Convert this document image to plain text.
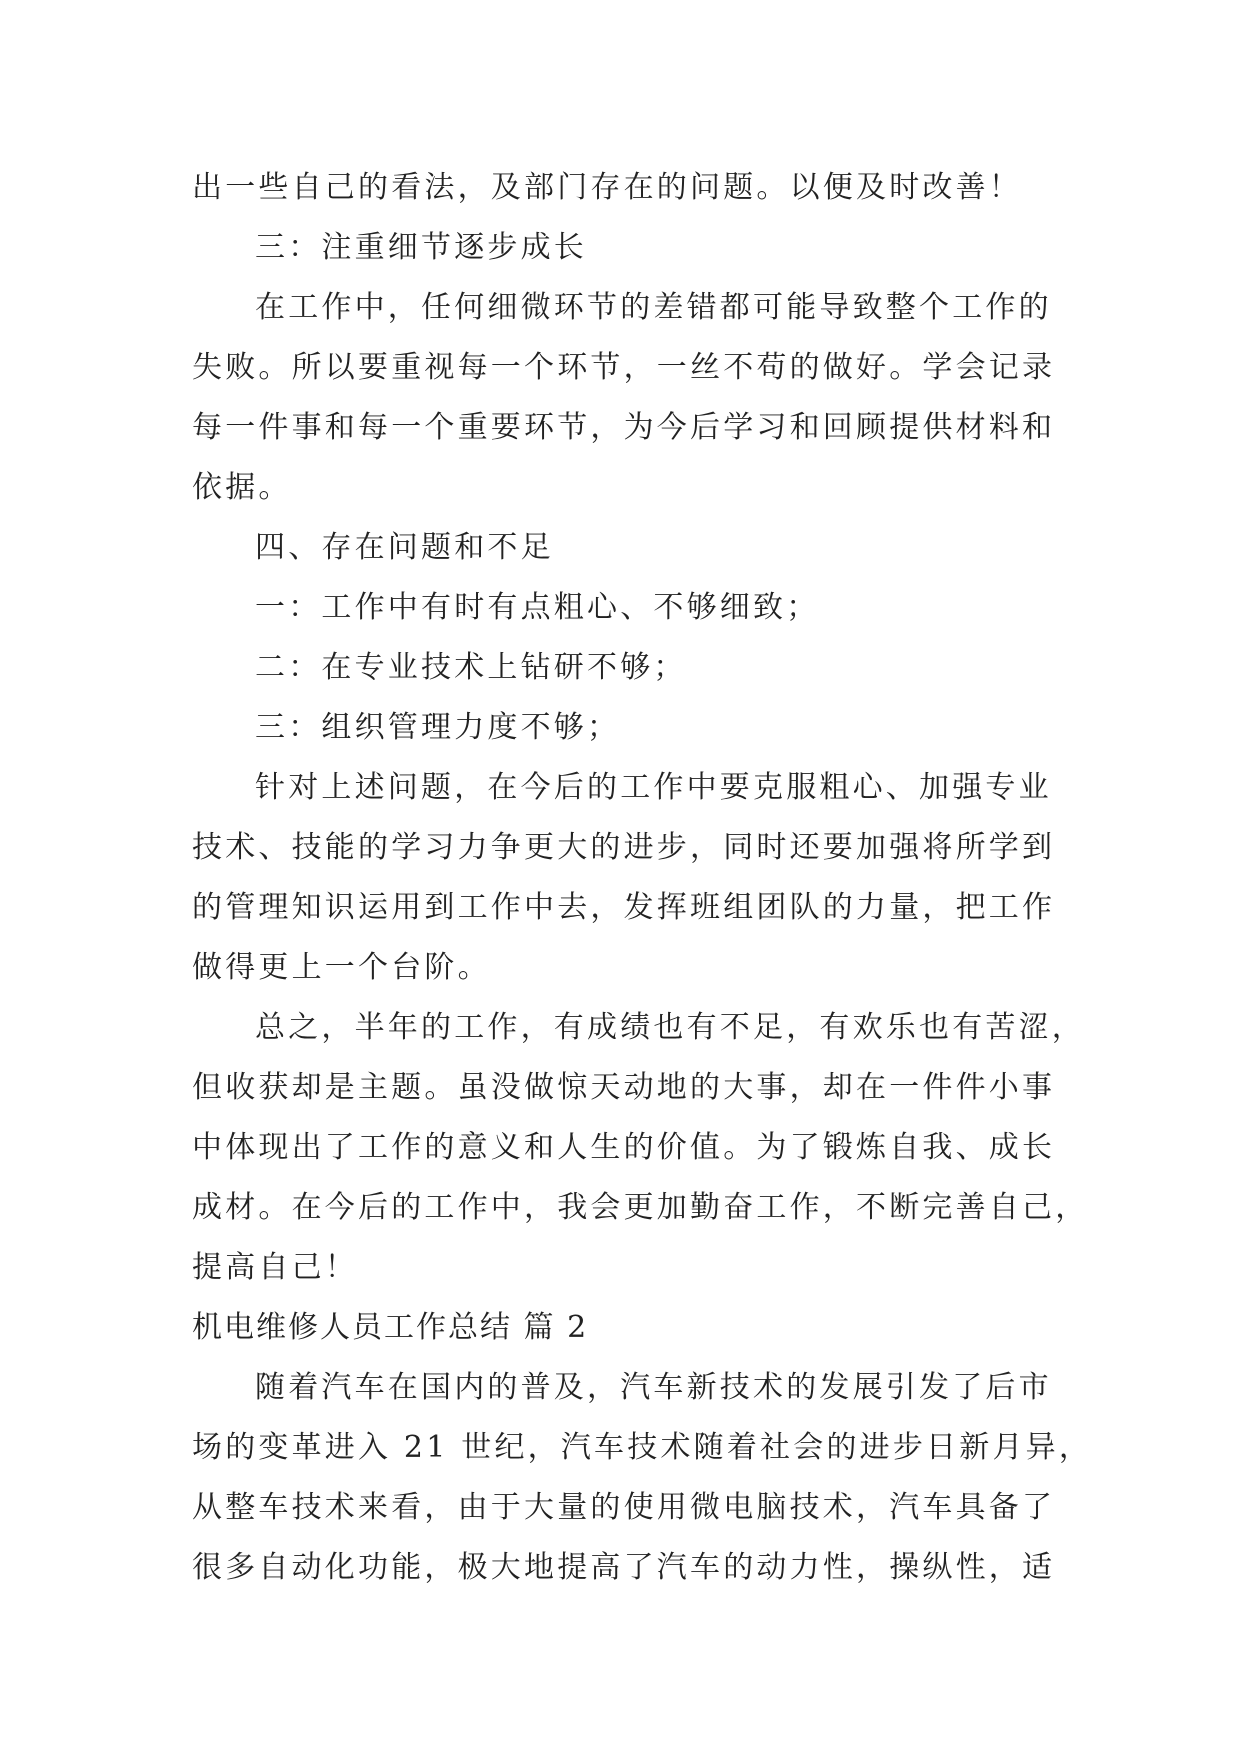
出一些自己的看法，及部门存在的问题。以便及时改善！
三：注重细节逐步成长
在工作中，任何细微环节的差错都可能导致整个工作的
失败。所以要重视每一个环节，一丝不苟的做好。学会记录
每一件事和每一个重要环节，为今后学习和回顾提供材料和
依据。
四、存在问题和不足
一：工作中有时有点粗心、不够细致；
二：在专业技术上钻研不够；
三：组织管理力度不够；
针对上述问题，在今后的工作中要克服粗心、加强专业
技术、技能的学习力争更大的进步，同时还要加强将所学到
的管理知识运用到工作中去，发挥班组团队的力量，把工作
做得更上一个台阶。
总之，半年的工作，有成绩也有不足，有欢乐也有苦涩，
但收获却是主题。虽没做惊天动地的大事，却在一件件小事
中体现出了工作的意义和人生的价值。为了锻炼自我、成长
成材。在今后的工作中，我会更加勤奋工作，不断完善自己，
提高自己！
机电维修人员工作总结 篇 2
随着汽车在国内的普及，汽车新技术的发展引发了后市
场的变革进入 21 世纪，汽车技术随着社会的进步日新月异，
从整车技术来看，由于大量的使用微电脑技术，汽车具备了
很多自动化功能，极大地提高了汽车的动力性，操纵性，适
